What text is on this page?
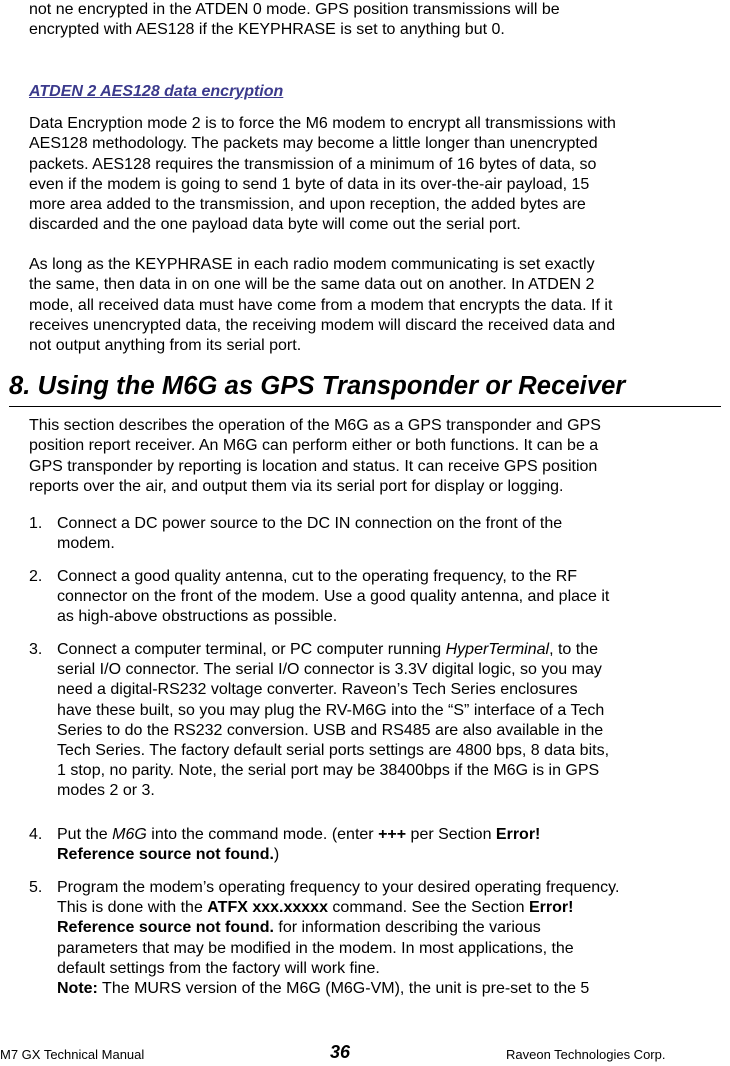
not ne encrypted in the ATDEN 0 mode. GPS position transmissions will be
encrypted with AES128 if the KEYPHRASE is set to anything but 0.

ATDEN 2 AES128 data encryption

Data Encryption mode 2 is to force the M6 modem to encrypt all transmissions with
AES128 methodology. The packets may become a little longer than unencrypted
packets. AES128 requires the transmission of a minimum of 16 bytes of data, so
even if the modem is going to send 1 byte of data in its over-the-air payload, 15
more area added to the transmission, and upon reception, the added bytes are
discarded and the one payload data byte will come out the serial port.

As long as the KEYPHRASE in each radio modem communicating is set exactly
the same, then data in on one will be the same data out on another. In ATDEN 2
mode, all received data must have come from a modem that encrypts the data. If it
receives unencrypted data, the receiving modem will discard the received data and
not output anything from its serial port.

8. Using the M6G as GPS Transponder or Receiver

This section describes the operation of the M6G as a GPS transponder and GPS
position report receiver. An M6G can perform either or both functions. It can be a
GPS transponder by reporting is location and status. It can receive GPS position
reports over the air, and output them via its serial port for display or logging.

1. Connect a DC power source to the DC IN connection on the front of the
modem.
2. Connect a good quality antenna, cut to the operating frequency, to the RF
connector on the front of the modem. Use a good quality antenna, and place it
as high-above obstructions as possible.
3. Connect a computer terminal, or PC computer running HyperTerminal, to the
serial I/O connector. The serial I/O connector is 3.3V digital logic, so you may
need a digital-RS232 voltage converter. Raveon’s Tech Series enclosures
have these built, so you may plug the RV-M6G into the “S” interface of a Tech
Series to do the RS232 conversion. USB and RS485 are also available in the
Tech Series. The factory default serial ports settings are 4800 bps, 8 data bits,
1 stop, no parity. Note, the serial port may be 38400bps if the M6G is in GPS
modes 2 or 3.
4. Put the M6G into the command mode. (enter +++ per Section Error!
Reference source not found.)
5. Program the modem’s operating frequency to your desired operating frequency.
This is done with the ATFX xxx.xxxxx command. See the Section Error!
Reference source not found. for information describing the various
parameters that may be modified in the modem. In most applications, the
default settings from the factory will work fine.
Note: The MURS version of the M6G (M6G-VM), the unit is pre-set to the 5
M7 GX Technical Manual	36	Raveon Technologies Corp.
